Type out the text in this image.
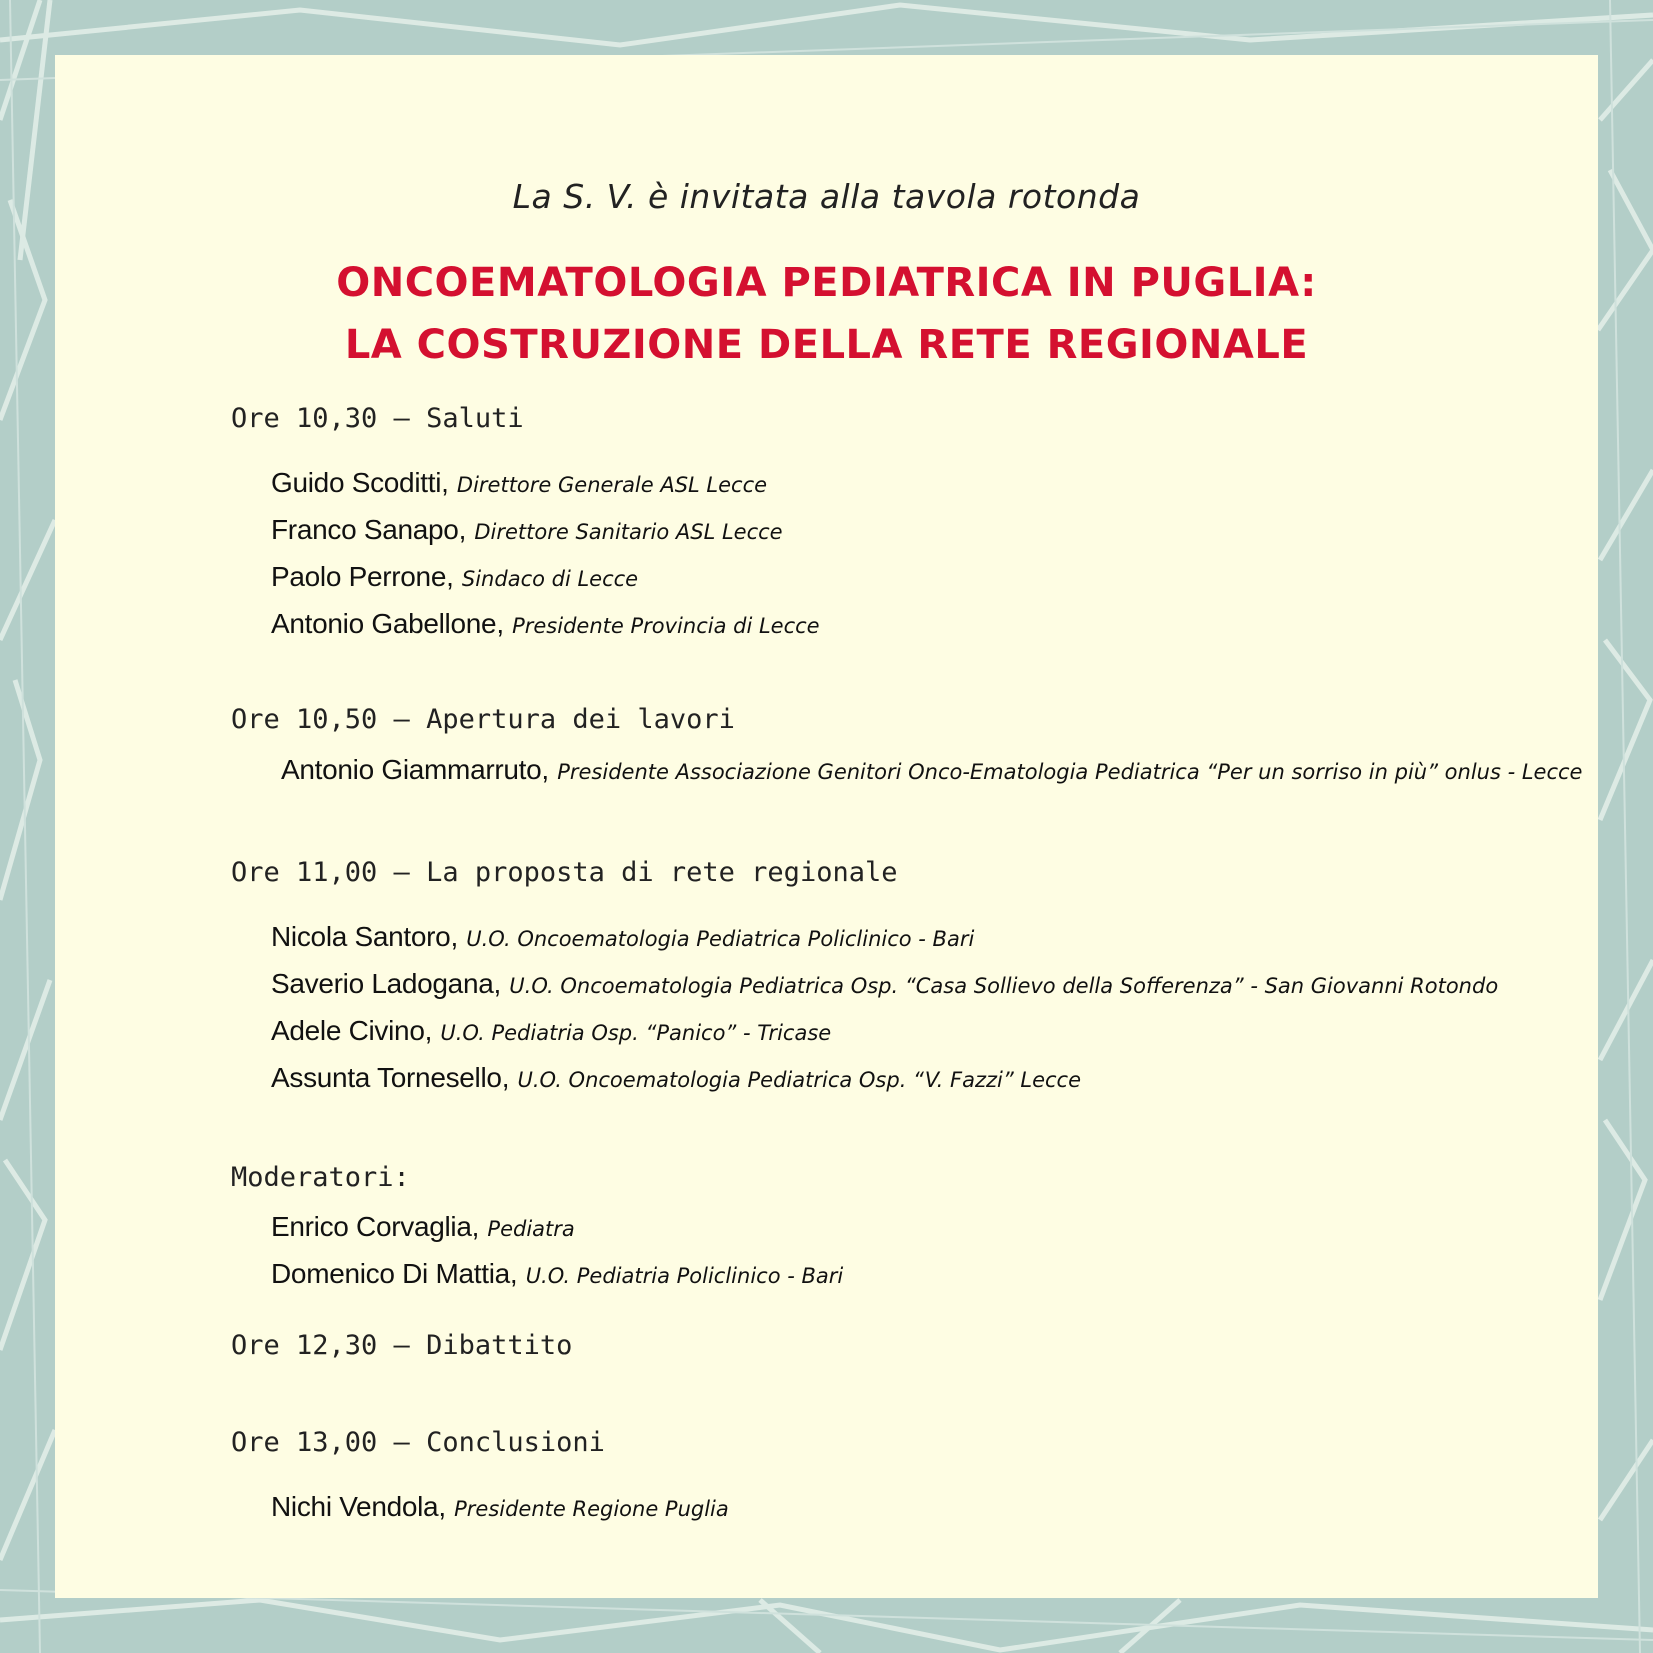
La S. V. è invitata alla tavola rotonda
ONCOEMATOLOGIA PEDIATRICA IN PUGLIA:
LA COSTRUZIONE DELLA RETE REGIONALE
Ore 10,30 – Saluti
Guido Scoditti, Direttore Generale ASL Lecce
Franco Sanapo, Direttore Sanitario ASL Lecce
Paolo Perrone, Sindaco di Lecce
Antonio Gabellone, Presidente Provincia di Lecce
Ore 10,50 – Apertura dei lavori
Antonio Giammarruto, Presidente Associazione Genitori Onco-Ematologia Pediatrica “Per un sorriso in più” onlus - Lecce
Ore 11,00 – La proposta di rete regionale
Nicola Santoro, U.O. Oncoematologia Pediatrica Policlinico - Bari
Saverio Ladogana, U.O. Oncoematologia Pediatrica Osp. “Casa Sollievo della Sofferenza” - San Giovanni Rotondo
Adele Civino, U.O. Pediatria Osp. “Panico” - Tricase
Assunta Tornesello, U.O. Oncoematologia Pediatrica Osp. “V. Fazzi” Lecce
Moderatori:
Enrico Corvaglia, Pediatra
Domenico Di Mattia, U.O. Pediatria Policlinico - Bari
Ore 12,30 – Dibattito
Ore 13,00 – Conclusioni
Nichi Vendola, Presidente Regione Puglia
